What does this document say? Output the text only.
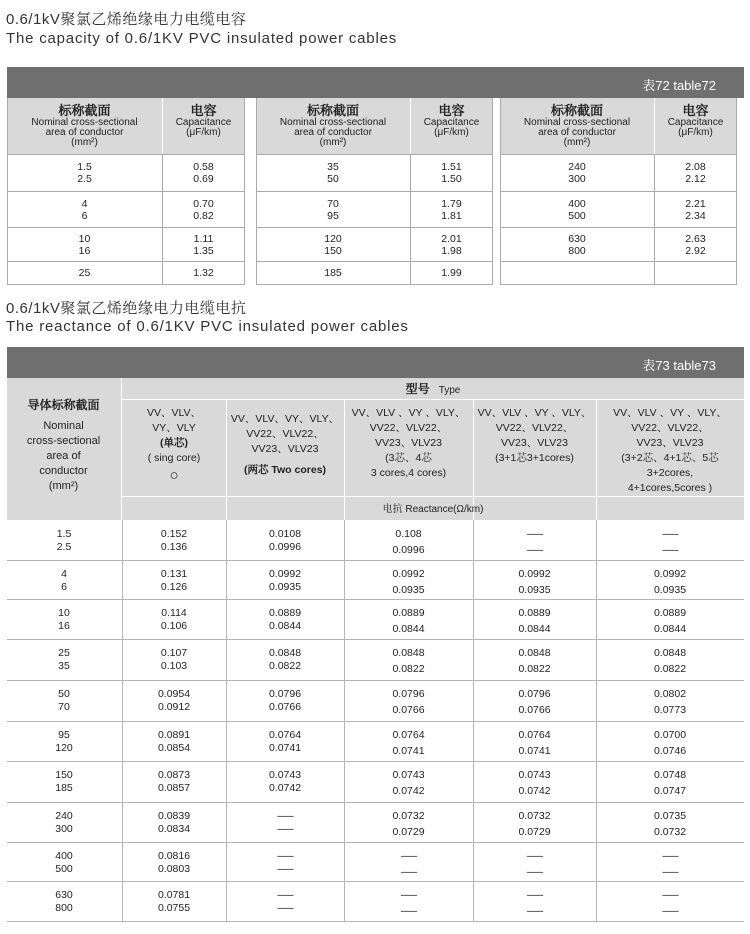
0.6/1kV聚氯乙烯绝缘电力电缆电容
The capacity of 0.6/1KV PVC insulated power cables
表72 table72
标称截面
Nominal cross-sectional
area of conductor
(mm²)
电容
Capacitance
(μF/km)
1.5
2.5
0.58
0.69
4
6
0.70
0.82
10
16
1.11
1.35
25	1.32
标称截面
Nominal cross-sectional
area of conductor
(mm²)
电容
Capacitance
(μF/km)
35
50
1.51
1.50
70
95
1.79
1.81
120
150
2.01
1.98
185	1.99
标称截面
Nominal cross-sectional
area of conductor
(mm²)
电容
Capacitance
(μF/km)
240
300
2.08
2.12
400
500
2.21
2.34
630
800
2.63
2.92
0.6/1kV聚氯乙烯绝缘电力电缆电抗
The reactance of 0.6/1KV PVC insulated power cables
表73 table73
导体标称截面
Nominal
cross-sectional
area of
conductor
(mm²)
型号 Type
VV、VLV、
VY、VLY
(单芯)
( sing core)
○
VV、VLV、VY、VLY、
VV22、VLV22、
VV23、VLV23
(两芯 Two cores)
VV、VLV 、VY 、VLY、
VV22、VLV22、
VV23、VLV23
(3芯、4芯
3 cores,4 cores)
VV、VLV 、VY 、VLY、
VV22、VLV22、
VV23、VLV23
(3+1芯3+1cores)
VV、VLV 、VY 、VLY、
VV22、VLV22、
VV23、VLV23
(3+2芯、4+1芯、5芯
3+2cores,
4+1cores,5cores )
电抗 Reactance(Ω/km)
1.5
2.5
0.152
0.136
0.0108
0.0996
0.108
0.0996
--------
--------
--------
--------
4
6
0.131
0.126
0.0992
0.0935
0.0992
0.0935
0.0992
0.0935
0.0992
0.0935
10
16
0.114
0.106
0.0889
0.0844
0.0889
0.0844
0.0889
0.0844
0.0889
0.0844
25
35
0.107
0.103
0.0848
0.0822
0.0848
0.0822
0.0848
0.0822
0.0848
0.0822
50
70
0.0954
0.0912
0.0796
0.0766
0.0796
0.0766
0.0796
0.0766
0.0802
0.0773
95
120
0.0891
0.0854
0.0764
0.0741
0.0764
0.0741
0.0764
0.0741
0.0700
0.0746
150
185
0.0873
0.0857
0.0743
0.0742
0.0743
0.0742
0.0743
0.0742
0.0748
0.0747
240
300
0.0839
0.0834
--------
--------
0.0732
0.0729
0.0732
0.0729
0.0735
0.0732
400
500
0.0816
0.0803
--------
--------
--------
--------
--------
--------
--------
--------
630
800
0.0781
0.0755
--------
--------
--------
--------
--------
--------
--------
--------
